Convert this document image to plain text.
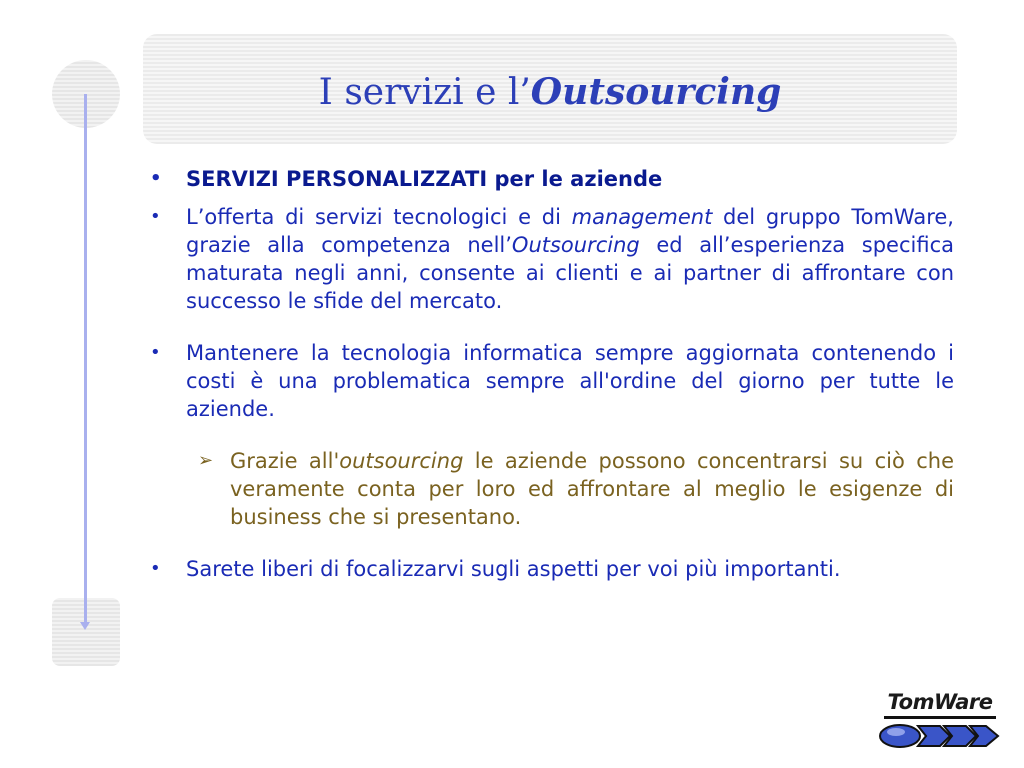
I servizi e l’Outsourcing
• SERVIZI PERSONALIZZATI per le aziende
• L’offerta di servizi tecnologici e di management del gruppo TomWare, grazie alla competenza nell’Outsourcing ed all’esperienza specifica maturata negli anni, consente ai clienti e ai partner di affrontare con successo le sfide del mercato.
• Mantenere la tecnologia informatica sempre aggiornata contenendo i costi è una problematica sempre all'ordine del giorno per tutte le aziende.
➢ Grazie all'outsourcing le aziende possono concentrarsi su ciò che veramente conta per loro ed affrontare al meglio le esigenze di business che si presentano.
• Sarete liberi di focalizzarvi sugli aspetti per voi più importanti.
TomWare
